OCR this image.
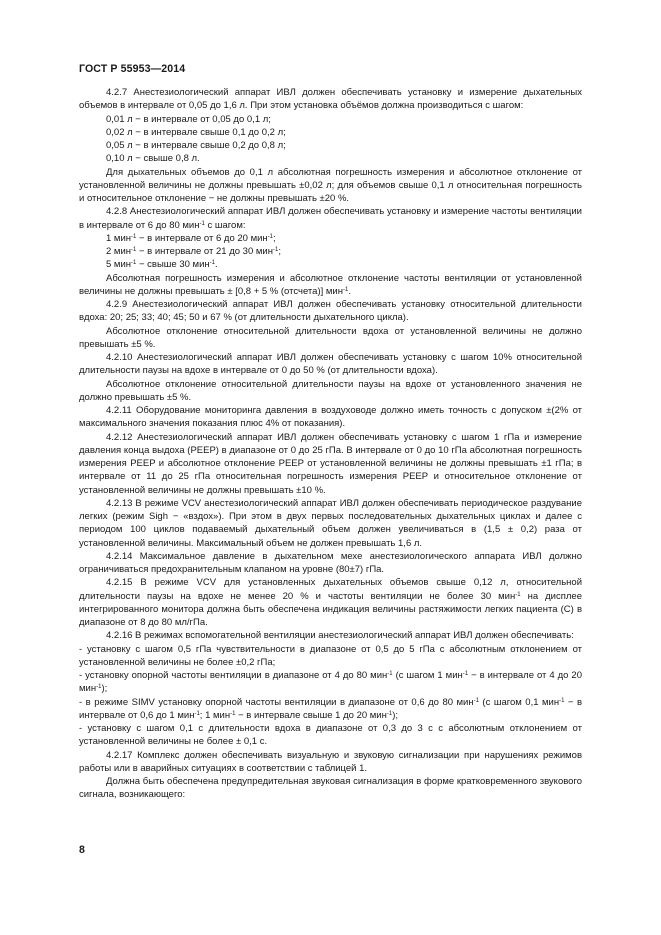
ГОСТ Р 55953—2014

4.2.7 Анестезиологический аппарат ИВЛ должен обеспечивать установку и измерение дыхательных объемов в интервале от 0,05 до 1,6 л. При этом установка объёмов должна производиться с шагом:

0,01 л − в интервале от 0,05 до 0,1 л;

0,02 л − в интервале свыше 0,1 до 0,2 л;

0,05 л − в интервале свыше 0,2 до 0,8 л;

0,10 л − свыше 0,8 л.

Для дыхательных объемов до 0,1 л абсолютная погрешность измерения и абсолютное отклонение от установленной величины не должны превышать ±0,02 л; для объемов свыше 0,1 л относительная погрешность и относительное отклонение − не должны превышать ±20 %.

4.2.8 Анестезиологический аппарат ИВЛ должен обеспечивать установку и измерение частоты вентиляции в интервале от 6 до 80 мин$^{-1}$ с шагом:

1 мин$^{-1}$ − в интервале от 6 до 20 мин$^{-1}$;

2 мин$^{-1}$ − в интервале от 21 до 30 мин$^{-1}$;

5 мин$^{-1}$ − свыше 30 мин$^{-1}$.

Абсолютная погрешность измерения и абсолютное отклонение частоты вентиляции от установленной величины не должны превышать ± [0,8 + 5 % (отсчета)] мин$^{-1}$.

4.2.9 Анестезиологический аппарат ИВЛ должен обеспечивать установку относительной длительности вдоха: 20; 25; 33; 40; 45; 50 и 67 % (от длительности дыхательного цикла).

Абсолютное отклонение относительной длительности вдоха от установленной величины не должно превышать ±5 %.

4.2.10 Анестезиологический аппарат ИВЛ должен обеспечивать установку с шагом 10% относительной длительности паузы на вдохе в интервале от 0 до 50 % (от длительности вдоха).

Абсолютное отклонение относительной длительности паузы на вдохе от установленного значения не должно превышать ±5 %.

4.2.11 Оборудование мониторинга давления в воздуховоде должно иметь точность с допуском ±(2% от максимального значения показания плюс 4% от показания).

4.2.12 Анестезиологический аппарат ИВЛ должен обеспечивать установку с шагом 1 гПа и измерение давления конца выдоха (PEEP) в диапазоне от 0 до 25 гПа. В интервале от 0 до 10 гПа абсолютная погрешность измерения PEEP и абсолютное отклонение PEEP от установленной величины не должны превышать ±1 гПа; в интервале от 11 до 25 гПа относительная погрешность измерения PEEP и относительное отклонение от установленной величины не должны превышать ±10 %.

4.2.13 В режиме VCV анестезиологический аппарат ИВЛ должен обеспечивать периодическое раздувание легких (режим Sigh − «вздох»). При этом в двух первых последовательных дыхательных циклах и далее с периодом 100 циклов подаваемый дыхательный объем должен увеличиваться в (1,5 ± 0,2) раза от установленной величины. Максимальный объем не должен превышать 1,6 л.

4.2.14 Максимальное давление в дыхательном мехе анестезиологического аппарата ИВЛ должно ограничиваться предохранительным клапаном на уровне (80±7) гПа.

4.2.15 В режиме VCV для установленных дыхательных объемов свыше 0,12 л, относительной длительности паузы на вдохе не менее 20 % и частоты вентиляции не более 30 мин$^{-1}$ на дисплее интегрированного монитора должна быть обеспечена индикация величины растяжимости легких пациента (С) в диапазоне от 8 до 80 мл/гПа.

4.2.16 В режимах вспомогательной вентиляции анестезиологический аппарат ИВЛ должен обеспечивать:

- установку с шагом 0,5 гПа чувствительности в диапазоне от 0,5 до 5 гПа с абсолютным отклонением от установленной величины не более ±0,2 гПа;

- установку опорной частоты вентиляции в диапазоне от 4 до 80 мин$^{-1}$ (с шагом 1 мин$^{-1}$ − в интервале от 4 до 20 мин$^{-1}$);

- в режиме SIMV установку опорной частоты вентиляции в диапазоне от 0,6 до 80 мин$^{-1}$ (с шагом 0,1 мин$^{-1}$ − в интервале от 0,6 до 1 мин$^{-1}$; 1 мин$^{-1}$ − в интервале свыше 1 до 20 мин$^{-1}$);

- установку с шагом 0,1 с длительности вдоха в диапазоне от 0,3 до 3 с с абсолютным отклонением от установленной величины не более ± 0,1 с.

4.2.17 Комплекс должен обеспечивать визуальную и звуковую сигнализации при нарушениях режимов работы или в аварийных ситуациях в соответствии с таблицей 1.

Должна быть обеспечена предупредительная звуковая сигнализация в форме кратковременного звукового сигнала, возникающего:

8
